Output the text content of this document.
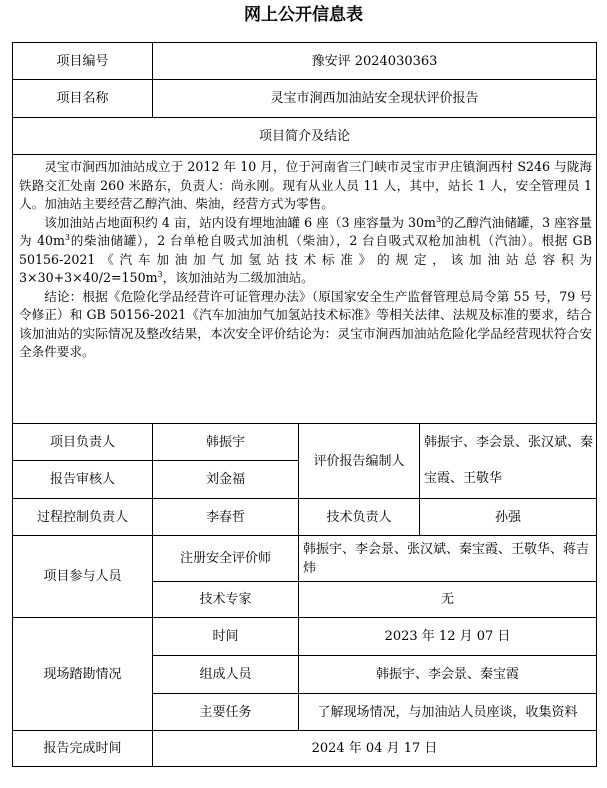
网上公开信息表
项目编号	豫安评 2024030363		
项目名称	灵宝市涧西加油站安全现状评价报告		
项目简介及结论			

灵宝市涧西加油站成立于 2012 年 10 月，位于河南省三门峡市灵宝市尹庄镇涧西村 S246 与陇海铁路交汇处南 260 米路东，负责人：尚永刚。现有从业人员 11 人，其中，站长 1 人，安全管理员 1 人。加油站主要经营乙醇汽油、柴油，经营方式为零售。

该加油站占地面积约 4 亩，站内设有埋地油罐 6 座（3 座容量为 $30m^3$的乙醇汽油储罐，3 座容量为 $40m^3$的柴油储罐），2 台单枪自吸式加油机（柴油），2 台自吸式双枪加油机（汽油）。根据 GB 50156-2021《汽车加油加气加氢站技术标准》的规定，该加油站总容积为 $3\times 30+3\times 40/2=150m^3$，该加油站为二级加油站。

结论：根据《危险化学品经营许可证管理办法》（原国家安全生产监督管理总局令第 55 号，79 号令修正）和 GB 50156-2021《汽车加油加气加氢站技术标准》等相关法律、法规及标准的要求，结合该加油站的实际情况及整改结果，本次安全评价结论为：灵宝市涧西加油站危险化学品经营现状符合安全条件要求。			

项目负责人	韩振宇	评价报告编制人	韩振宇、李会景、张汉斌、秦宝霞、王敬华
报告审核人	刘金福		
过程控制负责人	李春哲	技术负责人	孙强
项目参与人员	注册安全评价师	韩振宇、李会景、张汉斌、秦宝霞、王敬华、蒋吉炜	
	技术专家	无	
现场踏勘情况	时间	2023 年 12 月 07 日	
	组成人员	韩振宇、李会景、秦宝霞	
	主要任务	了解现场情况，与加油站人员座谈，收集资料	
报告完成时间	2024 年 04 月 17 日		
